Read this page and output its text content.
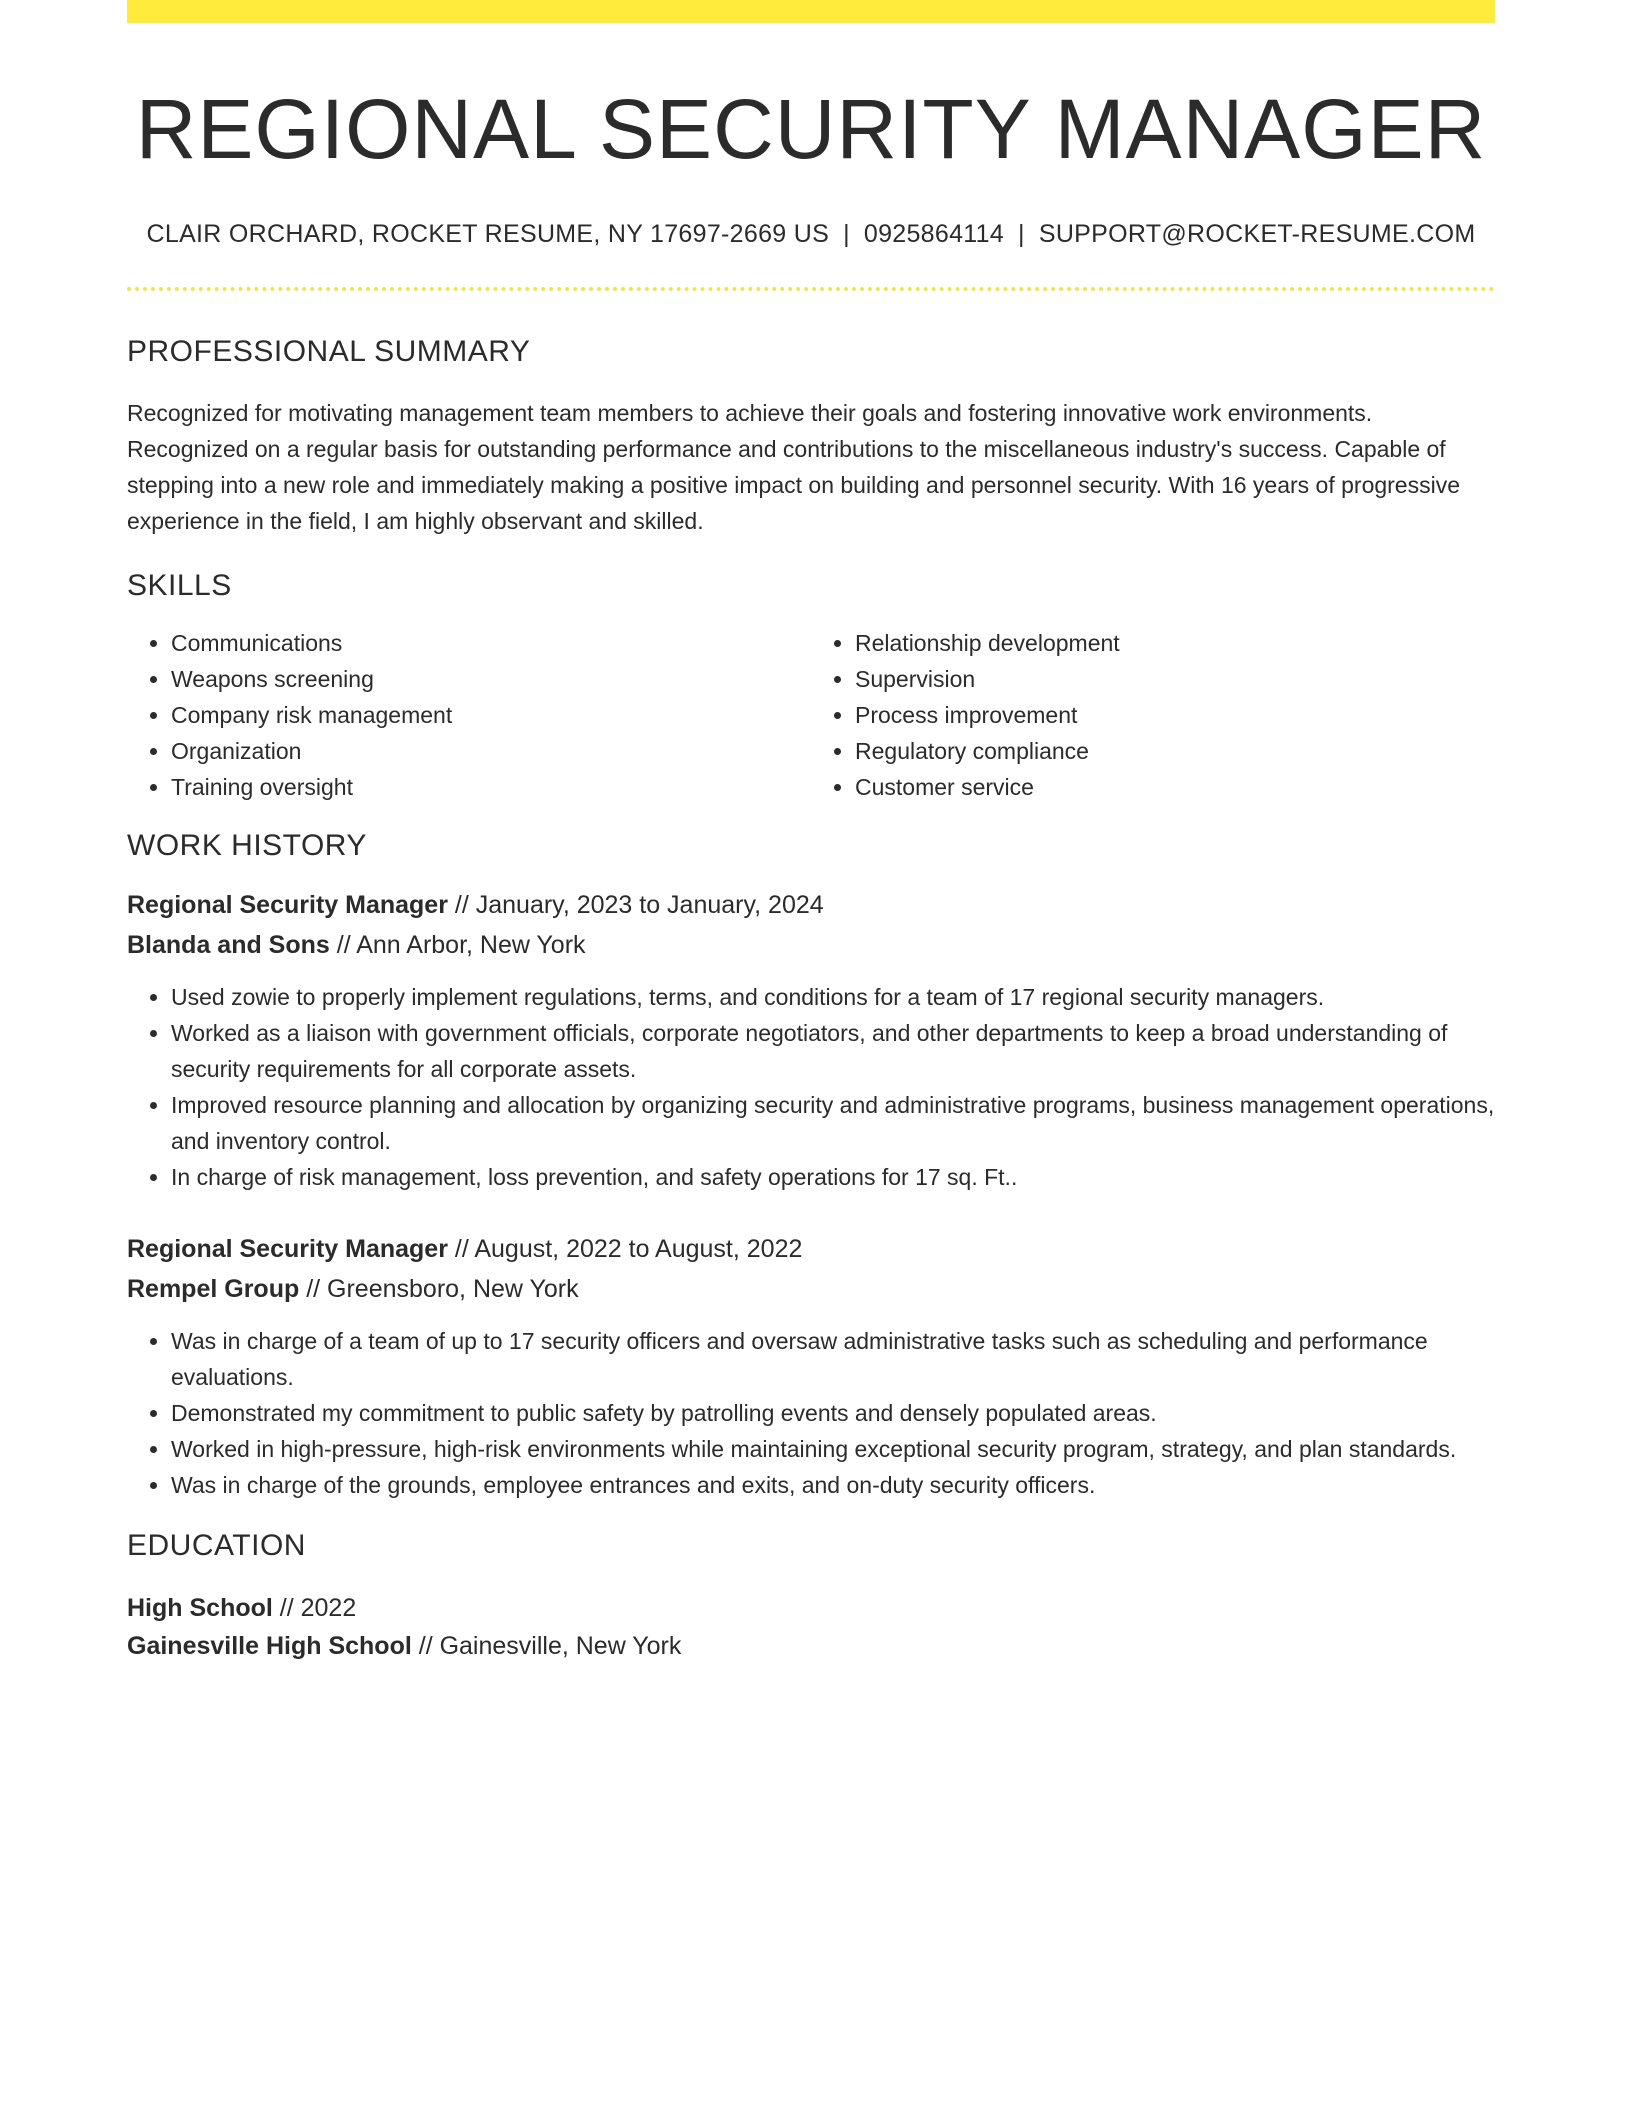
REGIONAL SECURITY MANAGER
CLAIR ORCHARD, ROCKET RESUME, NY 17697-2669 US | 0925864114 | SUPPORT@ROCKET-RESUME.COM
PROFESSIONAL SUMMARY

Recognized for motivating management team members to achieve their goals and fostering innovative work environments. Recognized on a regular basis for outstanding performance and contributions to the miscellaneous industry's success. Capable of stepping into a new role and immediately making a positive impact on building and personnel security. With 16 years of progressive experience in the field, I am highly observant and skilled.

SKILLS
• Communications
• Weapons screening
• Company risk management
• Organization
• Training oversight
• Relationship development
• Supervision
• Process improvement
• Regulatory compliance
• Customer service
WORK HISTORY
Regional Security Manager // January, 2023 to January, 2024
Blanda and Sons // Ann Arbor, New York
• Used zowie to properly implement regulations, terms, and conditions for a team of 17 regional security managers.
• Worked as a liaison with government officials, corporate negotiators, and other departments to keep a broad understanding of security requirements for all corporate assets.
• Improved resource planning and allocation by organizing security and administrative programs, business management operations, and inventory control.
• In charge of risk management, loss prevention, and safety operations for 17 sq. Ft..
Regional Security Manager // August, 2022 to August, 2022
Rempel Group // Greensboro, New York
• Was in charge of a team of up to 17 security officers and oversaw administrative tasks such as scheduling and performance evaluations.
• Demonstrated my commitment to public safety by patrolling events and densely populated areas.
• Worked in high-pressure, high-risk environments while maintaining exceptional security program, strategy, and plan standards.
• Was in charge of the grounds, employee entrances and exits, and on-duty security officers.
EDUCATION
High School // 2022
Gainesville High School // Gainesville, New York
